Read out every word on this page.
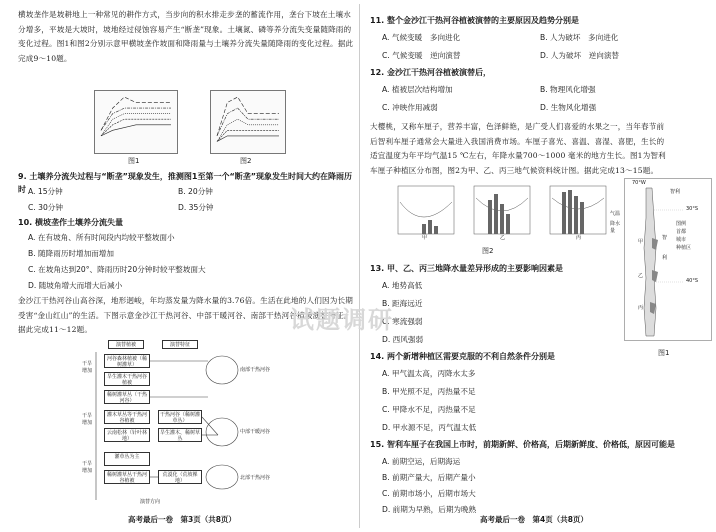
横坡垄作是坡耕地上一种常见的耕作方式，当步向的积水排走步垄的蓄流作用，垄台下坡在土壤水分增多，平坡是大坡时，坡地经过侵蚀容易产生“断垄”现象。土壤氮、磷等养分流失变量随降雨的变化过程。图1和图2分别示意甲横坡垄作坡面和降雨量与土壤养分流失量随降雨的变化过程。据此完成9～10题。
图1	图2
9. 土壤养分流失过程与“断垄”现象发生，推测图1至第一个“断垄”现象发生时间大约在降雨历时 A. 15分钟	B. 20分钟
C. 30分钟	D. 35分钟
10. 横坡垄作土壤养分流失量
A. 在有坡角、所有时间段内均较平整坡面小
B. 随降雨历时增加而增加
C. 在坡角达到20°、降雨历时20分钟时较平整坡面大
D. 随坡角增大而增大后减小
金沙江干热河谷山高谷深，地形迥峻，年均蒸发量为降水量的3.76倍。生活在此地的人们因为长期受害“金山红山”的生活。下图示意金沙江干热河谷、中部干暖河谷、南部干热河谷植被演替特征。据此完成11～12题。
演替植被	演替特征
干旱增加
干旱增加
干旱增加
河谷森林植被（稀树灌草）
旱生灌木干热河谷植被
稀树灌草丛（干热河谷）
灌木草丛等干热河谷植被
云南松林（针叶林地）
干热河谷（稀树灌草丛）
旱生灌木、稀树草丛
灌草丛为主
稀树灌草丛干热河谷植被
荒漠化（荒坡裸地）
南部干热河谷
中部干暖河谷
北部干热河谷
演替方向
高考最后一卷　第3页（共8页）
11. 整个金沙江干热河谷植被演替的主要原因及趋势分别是
A. 气候变暖　多向进化	B. 人为破坏　多向进化
C. 气候变暖　逆向演替	D. 人为破坏　逆向演替
12. 金沙江干热河谷植被演替后，
A. 植被层次结构增加	B. 物理风化增强
C. 冲映作用减弱	D. 生物风化增强
大樱桃，又称车厘子，营养丰富，色泽鲜艳，是广受人们喜爱的水果之一，当年春节前后智利车厘子通常会大量进入我国消费市场。车厘子喜光、喜温、喜湿、喜肥，生长的适宜温度为年平均气温15 ℃左右，年降水量700～1000 毫米的地方生长。图1为智利车厘子种植区分布图，图2为甲、乙、丙三地气候资料统计图。据此完成13～15题。
甲	乙	丙
气温
降水量
图2
70°W
30°S
40°S
智
利
甲
乙
丙
智利
图例
首都
城市
种植区
图1
13. 甲、乙、丙三地降水量差异形成的主要影响因素是
A. 地势高低
B. 距海远近
C. 寒流强弱
D. 西风强弱
14. 两个新增种植区需要克服的不利自然条件分别是
A. 甲气温太高，丙降水太多
B. 甲光照不足，丙热量不足
C. 甲降水不足，丙热量不足
D. 甲水源不足，丙气温太低
15. 智利车厘子在我国上市时，前期新鲜、价格高，后期新鲜度、价格低，原因可能是
A. 前期空运，后期海运
B. 前期产量大，后期产量小
C. 前期市场小，后期市场大
D. 前期为早熟，后期为晚熟
高考最后一卷　第4页（共8页）
试题调研
